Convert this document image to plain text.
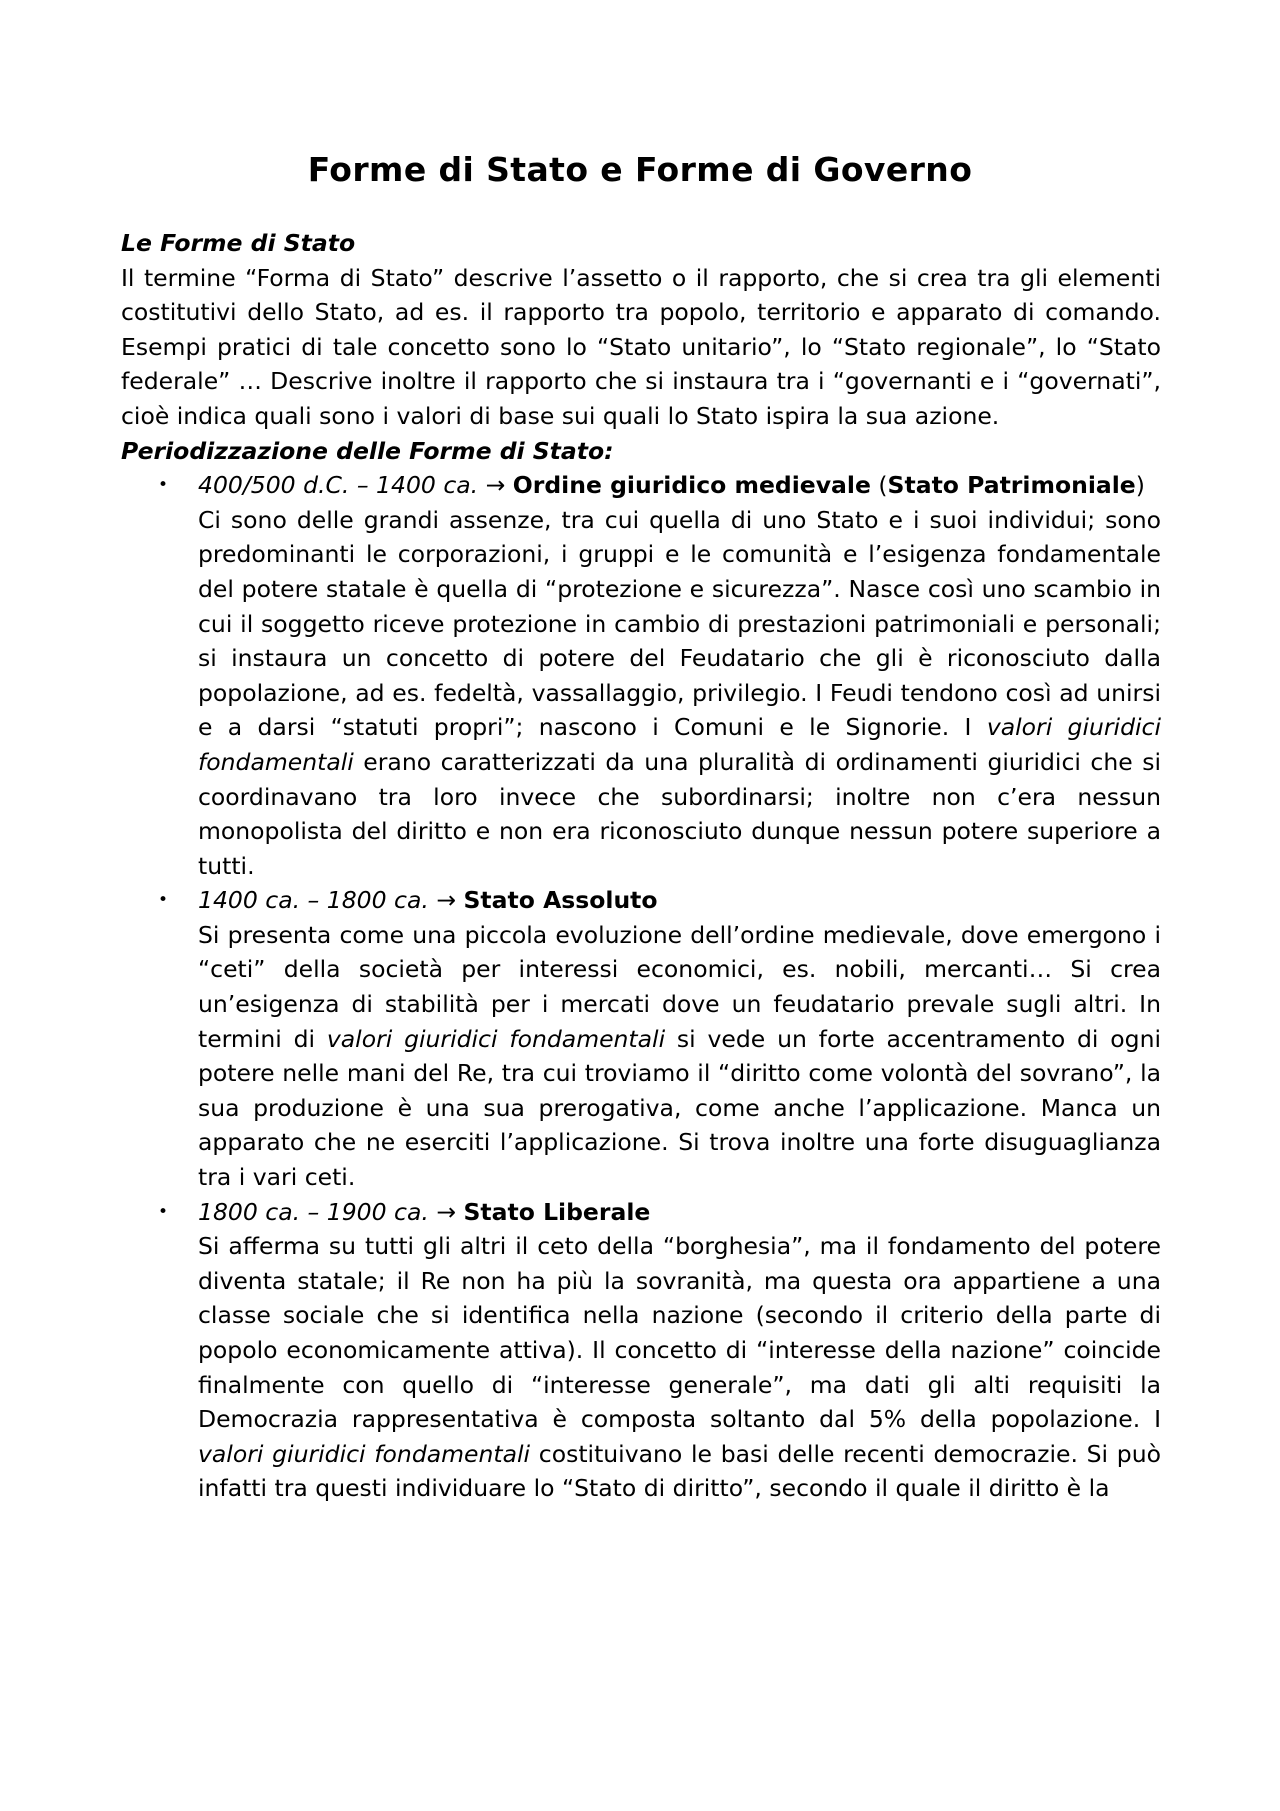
Forme di Stato e Forme di Governo

Le Forme di Stato

Il termine “Forma di Stato” descrive l’assetto o il rapporto, che si crea tra gli elementi costitutivi dello Stato, ad es. il rapporto tra popolo, territorio e apparato di comando. Esempi pratici di tale concetto sono lo “Stato unitario”, lo “Stato regionale”, lo “Stato federale” … Descrive inoltre il rapporto che si instaura tra i “governanti e i “governati”, cioè indica quali sono i valori di base sui quali lo Stato ispira la sua azione.

Periodizzazione delle Forme di Stato:

• 400/500 d.C. – 1400 ca. → Ordine giuridico medievale (Stato Patrimoniale)

Ci sono delle grandi assenze, tra cui quella di uno Stato e i suoi individui; sono predominanti le corporazioni, i gruppi e le comunità e l’esigenza fondamentale del potere statale è quella di “protezione e sicurezza”. Nasce così uno scambio in cui il soggetto riceve protezione in cambio di prestazioni patrimoniali e personali; si instaura un concetto di potere del Feudatario che gli è riconosciuto dalla popolazione, ad es. fedeltà, vassallaggio, privilegio. I Feudi tendono così ad unirsi e a darsi “statuti propri”; nascono i Comuni e le Signorie. I valori giuridici fondamentali erano caratterizzati da una pluralità di ordinamenti giuridici che si coordinavano tra loro invece che subordinarsi; inoltre non c’era nessun monopolista del diritto e non era riconosciuto dunque nessun potere superiore a tutti.

• 1400 ca. – 1800 ca. → Stato Assoluto

Si presenta come una piccola evoluzione dell’ordine medievale, dove emergono i “ceti” della società per interessi economici, es. nobili, mercanti… Si crea un’esigenza di stabilità per i mercati dove un feudatario prevale sugli altri. In termini di valori giuridici fondamentali si vede un forte accentramento di ogni potere nelle mani del Re, tra cui troviamo il “diritto come volontà del sovrano”, la sua produzione è una sua prerogativa, come anche l’applicazione. Manca un apparato che ne eserciti l’applicazione. Si trova inoltre una forte disuguaglianza tra i vari ceti.

• 1800 ca. – 1900 ca. → Stato Liberale

Si afferma su tutti gli altri il ceto della “borghesia”, ma il fondamento del potere diventa statale; il Re non ha più la sovranità, ma questa ora appartiene a una classe sociale che si identifica nella nazione (secondo il criterio della parte di popolo economicamente attiva). Il concetto di “interesse della nazione” coincide finalmente con quello di “interesse generale”, ma dati gli alti requisiti la Democrazia rappresentativa è composta soltanto dal 5% della popolazione. I valori giuridici fondamentali costituivano le basi delle recenti democrazie. Si può infatti tra questi individuare lo “Stato di diritto”, secondo il quale il diritto è la
